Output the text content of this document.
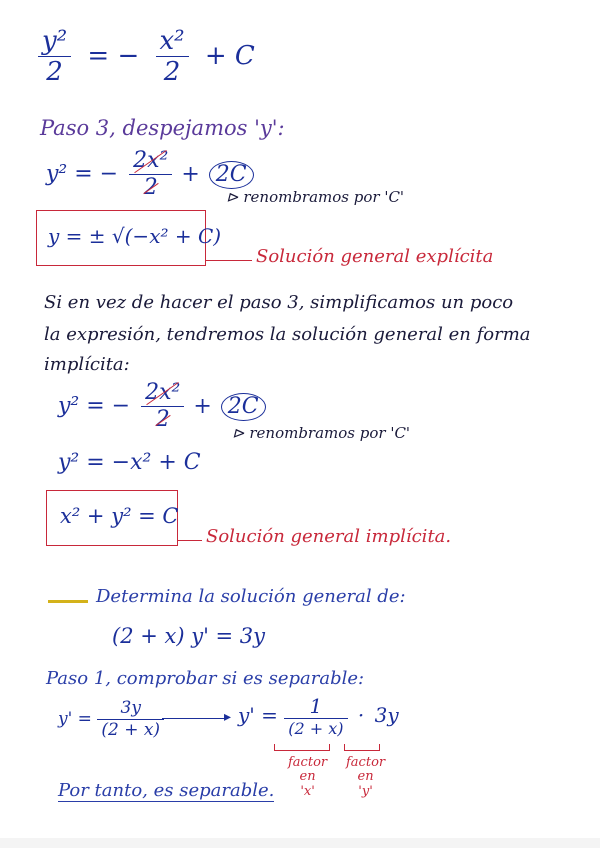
$\frac{\text{y²}}{2}$ = − $\frac{\text{x²}}{2} + C$
Paso 3, despejamos 'y':
y² = − $\frac{\text{2x²}}{2} + 2C$
⊳ renombramos por 'C'
y = ± √(−x² + C)
Solución general explícita
Si en vez de hacer el paso 3, simplificamos un poco
la expresión, tendremos la solución general en forma
implícita:
y² = − $\frac{\text{2x²}}{2} + 2C$
⊳ renombramos por 'C'
y² = −x² + C
x² + y² = C
Solución general implícita.
Determina la solución general de:
(2 + x) y' = 3y
Paso 1, comprobar si es separable:
$y' = \frac{3y}{(2 + x)}$	▸ $y' = \frac{1}{(2 + x)} \cdot 3y$
factor
en
'x'
factor
en
'y'
Por tanto, es separable.
